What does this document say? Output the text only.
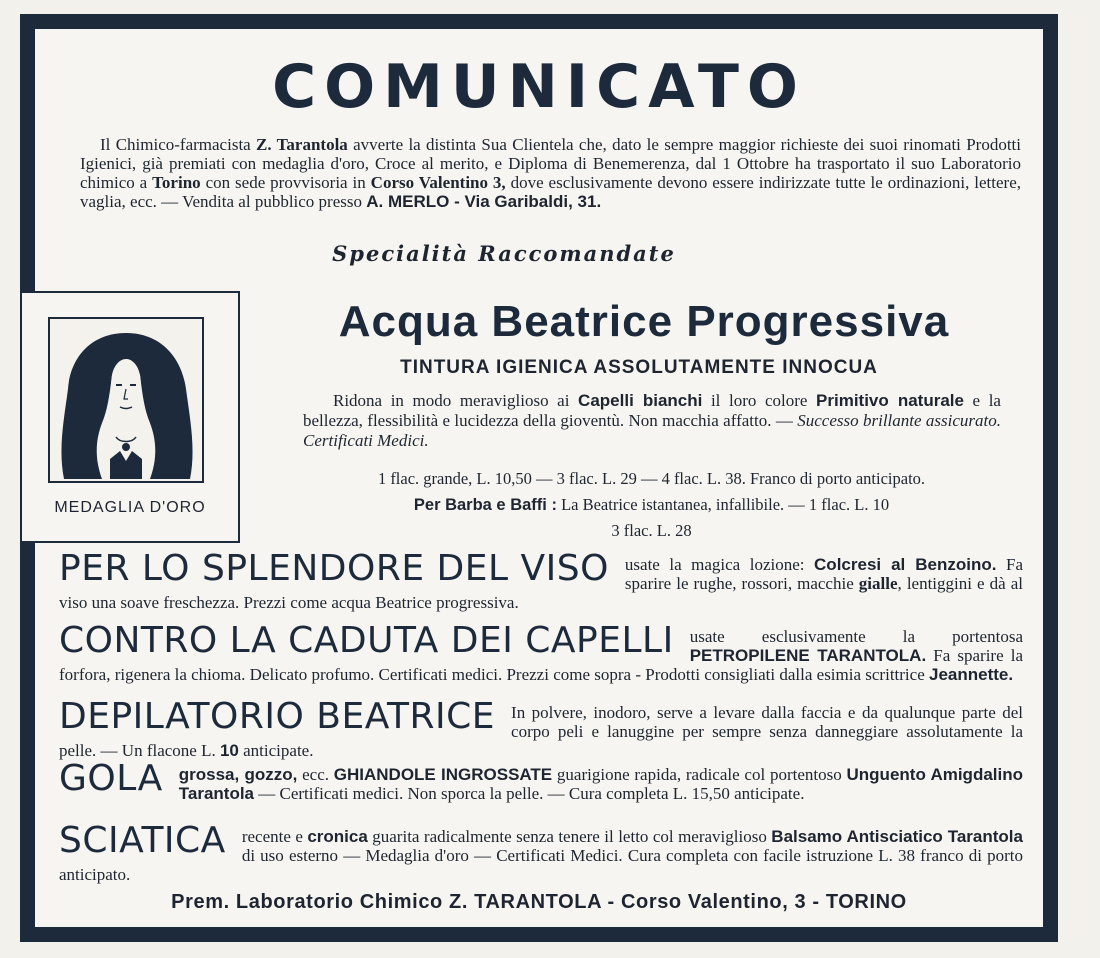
COMUNICATO
Il Chimico-farmacista Z. Tarantola avverte la distinta Sua Clientela che, dato le sempre maggior richieste dei suoi rinomati Prodotti Igienici, già premiati con medaglia d'oro, Croce al merito, e Diploma di Benemerenza, dal 1 Ottobre ha trasportato il suo Laboratorio chimico a Torino con sede provvisoria in Corso Valentino 3, dove esclusivamente devono essere indirizzate tutte le ordinazioni, lettere, vaglia, ecc. — Vendita al pubblico presso A. MERLO - Via Garibaldi, 31.
Specialità Raccomandate
MEDAGLIA D'ORO
Acqua Beatrice Progressiva
TINTURA IGIENICA ASSOLUTAMENTE INNOCUA
Ridona in modo meraviglioso ai Capelli bianchi il loro colore Primitivo naturale e la bellezza, flessibilità e lucidezza della gioventù. Non macchia affatto. — Successo brillante assicurato. Certificati Medici.
1 flac. grande, L. 10,50 — 3 flac. L. 29 — 4 flac. L. 38. Franco di porto anticipato.
Per Barba e Baffi : La Beatrice istantanea, infallibile. — 1 flac. L. 10
3 flac. L. 28
PER LO SPLENDORE DEL VISO usate la magica lozione: Colcresi al Benzoino. Fa sparire le rughe, rossori, macchie gialle, lentiggini e dà al viso una soave freschezza. Prezzi come acqua Beatrice progressiva.
CONTRO LA CADUTA DEI CAPELLI usate esclusivamente la portentosa PETROPILENE TARANTOLA. Fa sparire la forfora, rigenera la chioma. Delicato profumo. Certificati medici. Prezzi come sopra - Prodotti consigliati dalla esimia scrittrice Jeannette.
DEPILATORIO BEATRICE In polvere, inodoro, serve a levare dalla faccia e da qualunque parte del corpo peli e lanuggine per sempre senza danneggiare assolutamente la pelle. — Un flacone L. 10 anticipate.
GOLA grossa, gozzo, ecc. GHIANDOLE INGROSSATE guarigione rapida, radicale col portentoso Unguento Amigdalino Tarantola — Certificati medici. Non sporca la pelle. — Cura completa L. 15,50 anticipate.
SCIATICA recente e cronica guarita radicalmente senza tenere il letto col meraviglioso Balsamo Antisciatico Tarantola di uso esterno — Medaglia d'oro — Certificati Medici. Cura completa con facile istruzione L. 38 franco di porto anticipato.
Prem. Laboratorio Chimico Z. TARANTOLA - Corso Valentino, 3 - TORINO
